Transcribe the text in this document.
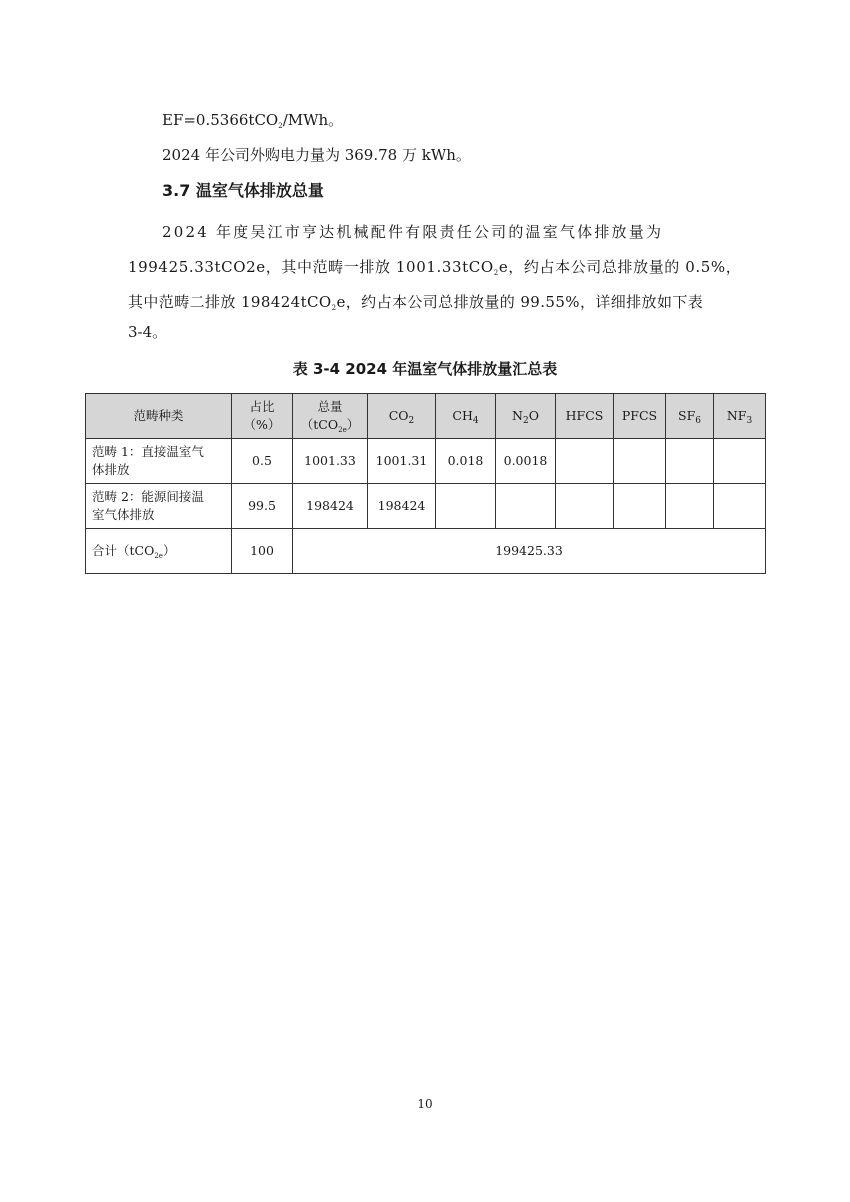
EF=0.5366tCO$_2$/MWh。

2024 年公司外购电力量为 369.78 万 kWh。

3.7 温室气体排放总量

2024 年度吴江市亨达机械配件有限责任公司的温室气体排放量为

199425.33tCO2e，其中范畴一排放 1001.33tCO$_2$e，约占本公司总排放量的 0.5%，

其中范畴二排放 198424tCO$_2$e，约占本公司总排放量的 99.55%，详细排放如下表

3-4。

表 3-4 2024 年温室气体排放量汇总表
范畴种类	占比
（%）	总量
（tCO$_{2e}$）	$CO_2$	$CH_4$	$N_2O$	HFCS	PFCS	$SF_6$	$NF_3$
范畴 1：直接温室气
体排放	0.5	1001.33	1001.31	0.018	0.0018				
范畴 2：能源间接温
室气体排放	99.5	198424	198424						
合计（tCO$_{2e}$）	100	199425.33							

10
